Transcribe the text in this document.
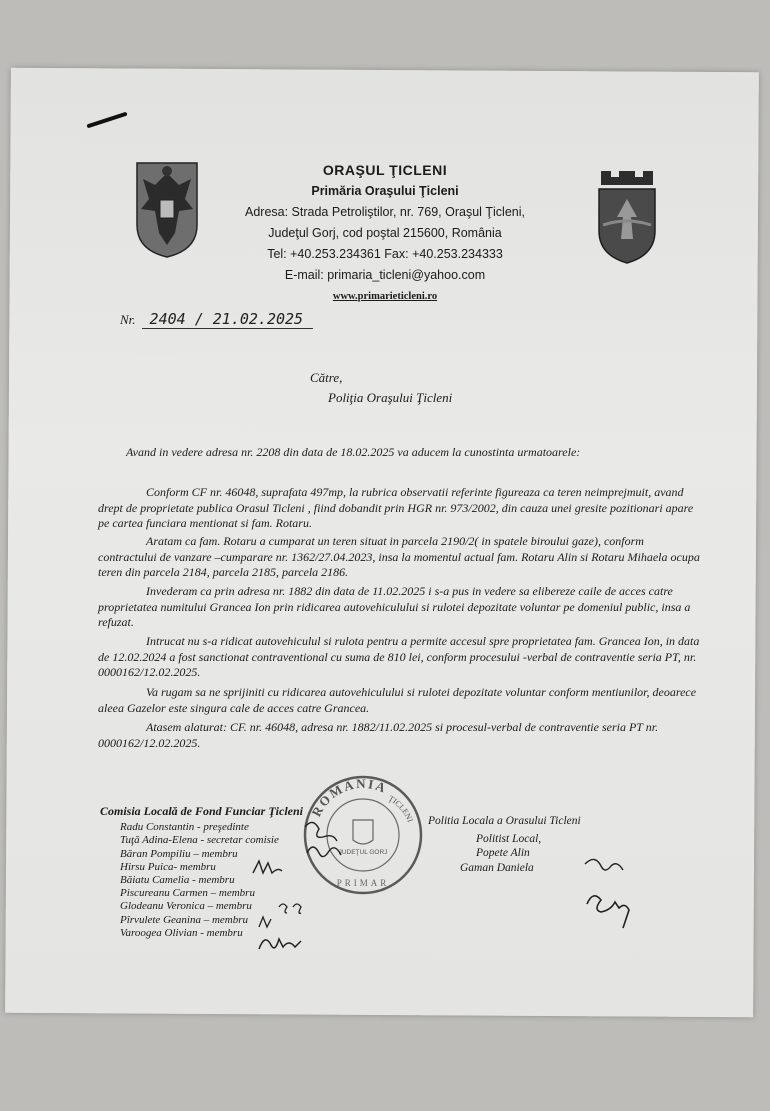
ORAŞUL ŢICLENI
Primăria Oraşului Ţicleni
Adresa: Strada Petroliştilor, nr. 769, Oraşul Ţicleni,
Judeţul Gorj, cod poştal 215600, România
Tel: +40.253.234361 Fax: +40.253.234333
E-mail: primaria_ticleni@yahoo.com
www.primarieticleni.ro
Nr. 2404 / 21.02.2025
Către,
Poliţia Oraşului Ţicleni
Avand in vedere adresa nr. 2208 din data de 18.02.2025 va aducem la cunostinta urmatoarele:
Conform CF nr. 46048, suprafata 497mp, la rubrica observatii referinte figureaza ca teren neimprejmuit, avand drept de proprietate publica Orasul Ticleni , fiind dobandit prin HGR nr. 973/2002, din cauza unei gresite pozitionari apare pe cartea funciara mentionat si fam. Rotaru.
Aratam ca fam. Rotaru a cumparat un teren situat in parcela 2190/2( in spatele biroului gaze), conform contractului de vanzare –cumparare nr. 1362/27.04.2023, insa la momentul actual fam. Rotaru Alin si Rotaru Mihaela ocupa teren din parcela 2184, parcela 2185, parcela 2186.
Invederam ca prin adresa nr. 1882 din data de 11.02.2025 i s-a pus in vedere sa elibereze caile de acces catre proprietatea numitului Grancea Ion prin ridicarea autovehiculului si rulotei depozitate voluntar pe domeniul public, insa a refuzat.
Intrucat nu s-a ridicat autovehiculul si rulota pentru a permite accesul spre proprietatea fam. Grancea Ion, in data de 12.02.2024 a fost sanctionat contraventional cu suma de 810 lei, conform procesului -verbal de contraventie seria PT, nr. 0000162/12.02.2025.
Va rugam sa ne sprijiniti cu ridicarea autovehiculului si rulotei depozitate voluntar conform mentiunilor, deoarece aleea Gazelor este singura cale de acces catre Grancea.
Atasem alaturat: CF. nr. 46048, adresa nr. 1882/11.02.2025 si procesul-verbal de contraventie seria PT nr. 0000162/12.02.2025.
ROMÂNIA
ŢICLENI
JUDEŢUL GORJ
PRIMAR
Comisia Locală de Fond Funciar Ţicleni
Radu Constantin - preşedinte
Tuţă Adina-Elena - secretar comisie
Băran Pompiliu – membru
Hirsu Puica- membru
Băiatu Camelia - membru
Piscureanu Carmen – membru
Glodeanu Veronica – membru
Pîrvulete Geanina – membru
Varoogea Olivian - membru
Politia Locala a Orasului Ticleni
Politist Local,
Popete Alin
Gaman Daniela
